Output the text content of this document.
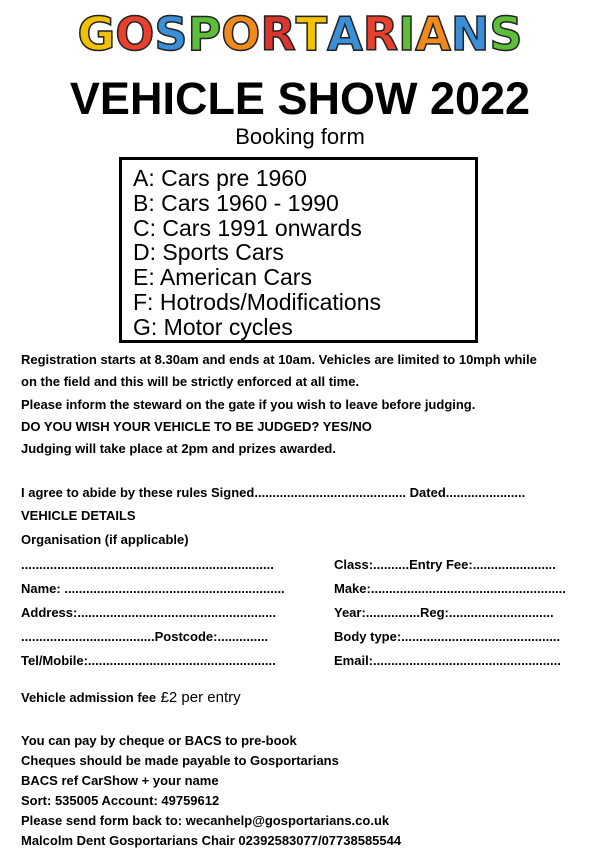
GOSPORTARIANS
VEHICLE SHOW 2022
Booking form
A: Cars pre 1960
B: Cars 1960 - 1990
C: Cars 1991 onwards
D: Sports Cars
E: American Cars
F: Hotrods/Modifications
G: Motor cycles
Registration starts at 8.30am and ends at 10am. Vehicles are limited to 10mph while
on the field and this will be strictly enforced at all time.
Please inform the steward on the gate if you wish to leave before judging.
DO YOU WISH YOUR VEHICLE TO BE JUDGED? YES/NO
Judging will take place at 2pm and prizes awarded.
I agree to abide by these rules Signed.......................................... Dated......................
VEHICLE DETAILS
Organisation (if applicable)
......................................................................
Name: .............................................................
Address:.......................................................
.....................................Postcode:..............
Tel/Mobile:....................................................
Class:..........Entry Fee:.......................
Make:......................................................
Year:...............Reg:.............................
Body type:............................................
Email:....................................................
Vehicle admission fee £2 per entry
You can pay by cheque or BACS to pre-book
Cheques should be made payable to Gosportarians
BACS ref CarShow + your name
Sort: 535005 Account: 49759612
Please send form back to: wecanhelp@gosportarians.co.uk
Malcolm Dent Gosportarians Chair 02392583077/07738585544
